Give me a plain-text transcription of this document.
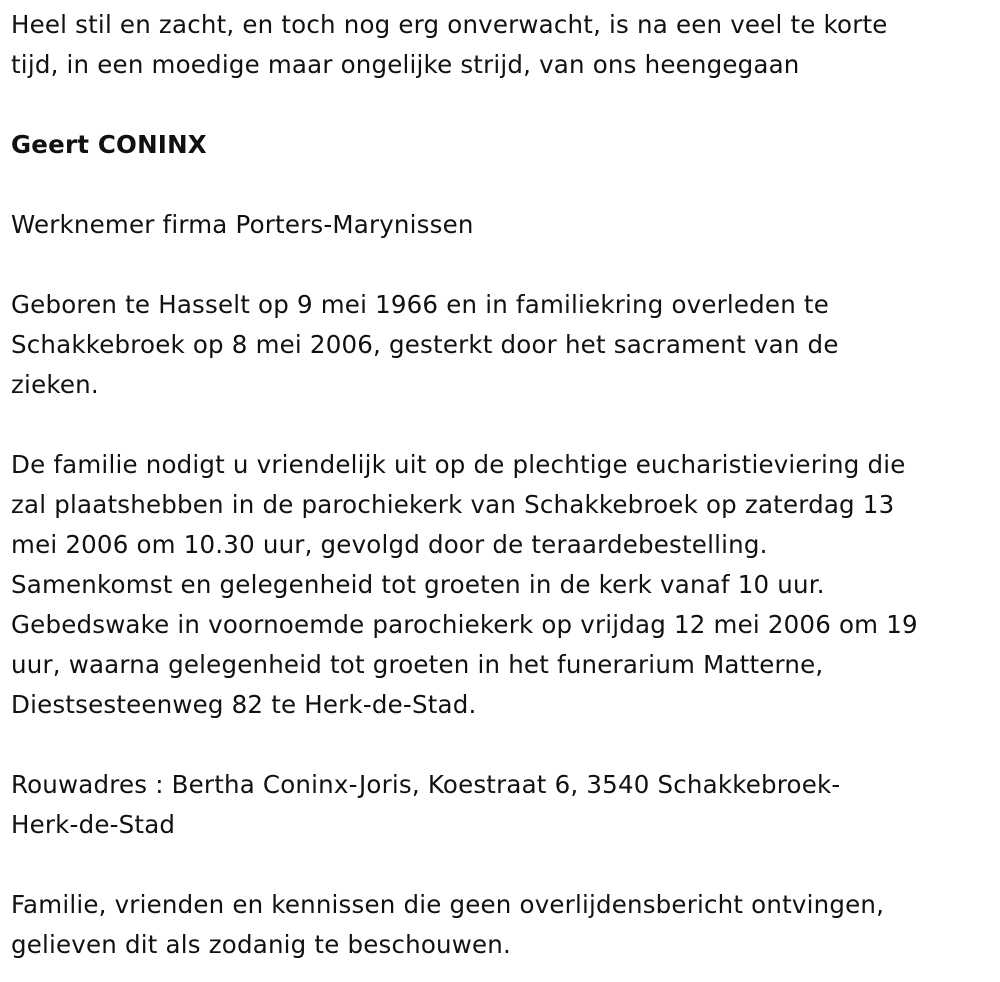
Heel stil en zacht, en toch nog erg onverwacht, is na een veel te korte
tijd, in een moedige maar ongelijke strijd, van ons heengegaan

Geert CONINX

Werknemer firma Porters-Marynissen

Geboren te Hasselt op 9 mei 1966 en in familiekring overleden te
Schakkebroek op 8 mei 2006, gesterkt door het sacrament van de
zieken.

De familie nodigt u vriendelijk uit op de plechtige eucharistieviering die
zal plaatshebben in de parochiekerk van Schakkebroek op zaterdag 13
mei 2006 om 10.30 uur, gevolgd door de teraardebestelling.
Samenkomst en gelegenheid tot groeten in de kerk vanaf 10 uur.
Gebedswake in voornoemde parochiekerk op vrijdag 12 mei 2006 om 19
uur, waarna gelegenheid tot groeten in het funerarium Matterne,
Diestsesteenweg 82 te Herk-de-Stad.

Rouwadres : Bertha Coninx-Joris, Koestraat 6, 3540 Schakkebroek-
Herk-de-Stad

Familie, vrienden en kennissen die geen overlijdensbericht ontvingen,
gelieven dit als zodanig te beschouwen.
